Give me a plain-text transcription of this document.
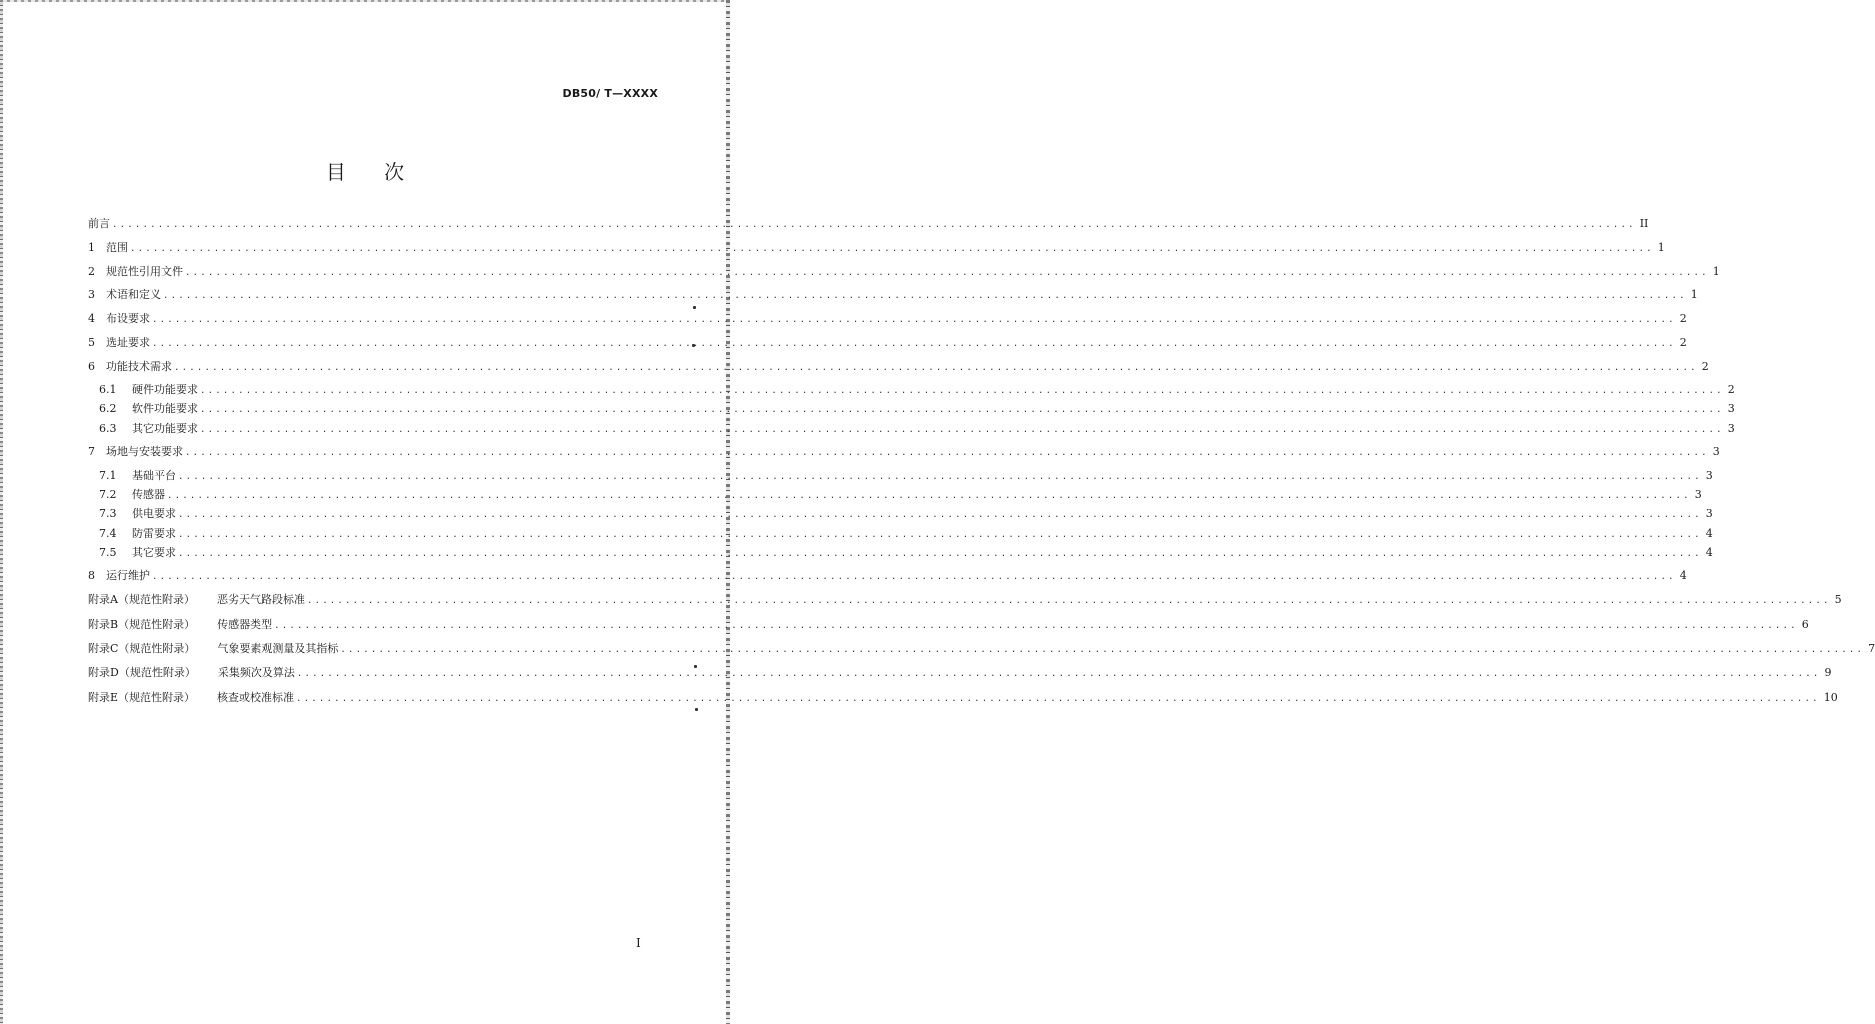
DB50/ T—XXXX
目 次
前言 ........................................................................................................................................................................................................ II
1	范围 ........................................................................................................................................................................................................ 1
2	规范性引用文件 ........................................................................................................................................................................................................ 1
3	术语和定义 ........................................................................................................................................................................................................ 1
4	布设要求 ........................................................................................................................................................................................................ 2
5	选址要求 ........................................................................................................................................................................................................ 2
6	功能技术需求 ........................................................................................................................................................................................................ 2
6.1	硬件功能要求 ........................................................................................................................................................................................................ 2
6.2	软件功能要求 ........................................................................................................................................................................................................ 3
6.3	其它功能要求 ........................................................................................................................................................................................................ 3
7	场地与安装要求 ........................................................................................................................................................................................................ 3
7.1	基础平台 ........................................................................................................................................................................................................ 3
7.2	传感器 ........................................................................................................................................................................................................ 3
7.3	供电要求 ........................................................................................................................................................................................................ 3
7.4	防雷要求 ........................................................................................................................................................................................................ 4
7.5	其它要求 ........................................................................................................................................................................................................ 4
8	运行维护 ........................................................................................................................................................................................................ 4
附录A（规范性附录） 恶劣天气路段标准 ........................................................................................................................................................................................................ 5
附录B（规范性附录） 传感器类型 ........................................................................................................................................................................................................ 6
附录C（规范性附录） 气象要素观测量及其指标 ........................................................................................................................................................................................................ 7
附录D（规范性附录） 采集频次及算法 ........................................................................................................................................................................................................ 9
附录E（规范性附录） 核查或校准标准 ........................................................................................................................................................................................................ 10
I
